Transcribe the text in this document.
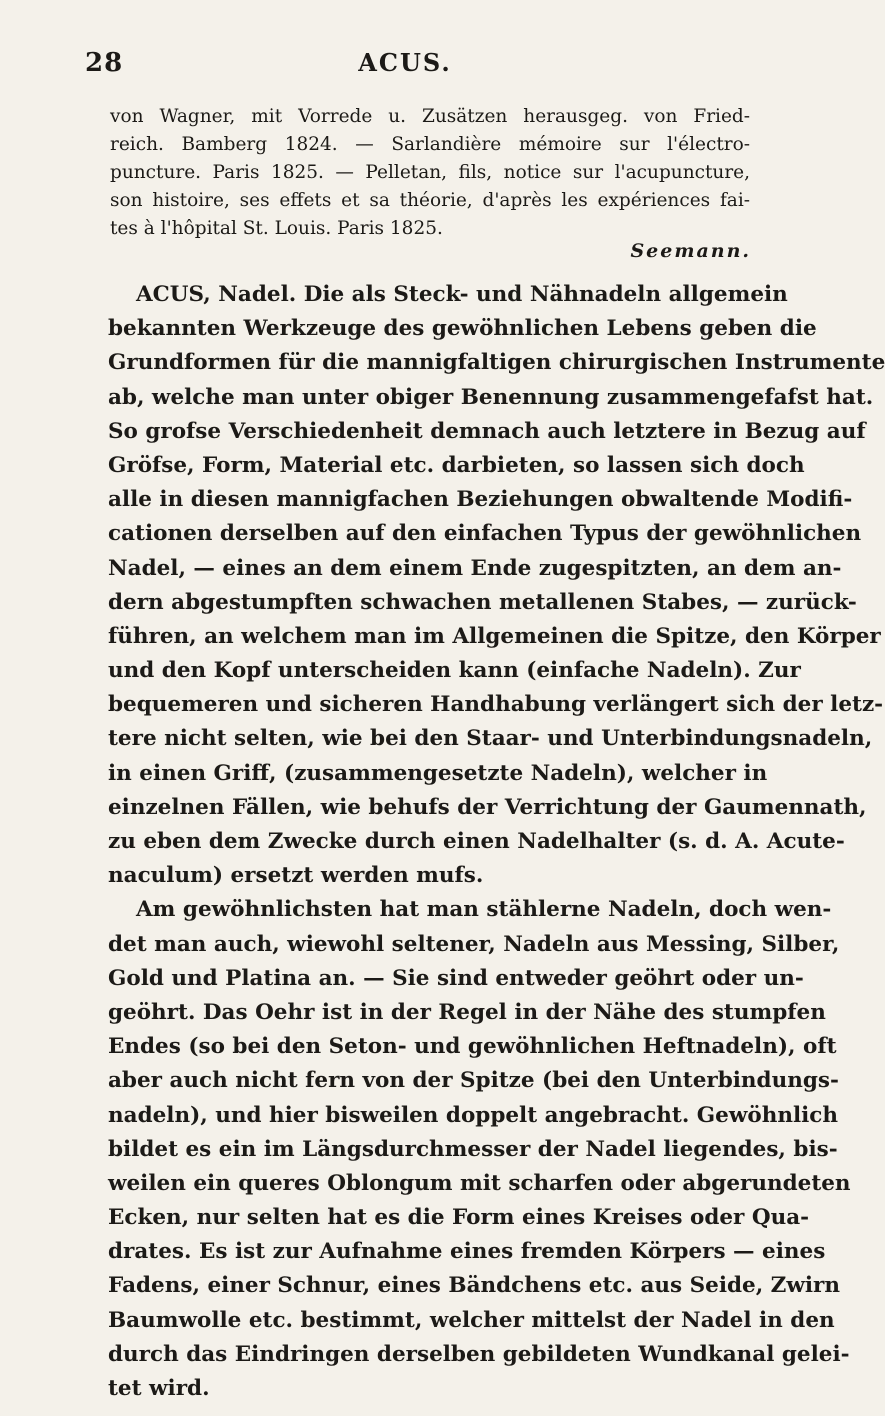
28	ACUS.
von Wagner, mit Vorrede u. Zusätzen herausgeg. von Fried-
reich. Bamberg 1824. — Sarlandière mémoire sur l'électro-
puncture. Paris 1825. — Pelletan, fils, notice sur l'acupuncture,
son histoire, ses effets et sa théorie, d'après les expériences fai-
tes à l'hôpital St. Louis. Paris 1825.
Seemann.
ACUS, Nadel. Die als Steck- und Nähnadeln allgemein
bekannten Werkzeuge des gewöhnlichen Lebens geben die
Grundformen für die mannigfaltigen chirurgischen Instrumente
ab, welche man unter obiger Benennung zusammengefafst hat.
So grofse Verschiedenheit demnach auch letztere in Bezug auf
Gröfse, Form, Material etc. darbieten, so lassen sich doch
alle in diesen mannigfachen Beziehungen obwaltende Modifi-
cationen derselben auf den einfachen Typus der gewöhnlichen
Nadel, — eines an dem einem Ende zugespitzten, an dem an-
dern abgestumpften schwachen metallenen Stabes, — zurück-
führen, an welchem man im Allgemeinen die Spitze, den Körper
und den Kopf unterscheiden kann (einfache Nadeln). Zur
bequemeren und sicheren Handhabung verlängert sich der letz-
tere nicht selten, wie bei den Staar- und Unterbindungsnadeln,
in einen Griff, (zusammengesetzte Nadeln), welcher in
einzelnen Fällen, wie behufs der Verrichtung der Gaumennath,
zu eben dem Zwecke durch einen Nadelhalter (s. d. A. Acute-
naculum) ersetzt werden mufs.
Am gewöhnlichsten hat man stählerne Nadeln, doch wen-
det man auch, wiewohl seltener, Nadeln aus Messing, Silber,
Gold und Platina an. — Sie sind entweder geöhrt oder un-
geöhrt. Das Oehr ist in der Regel in der Nähe des stumpfen
Endes (so bei den Seton- und gewöhnlichen Heftnadeln), oft
aber auch nicht fern von der Spitze (bei den Unterbindungs-
nadeln), und hier bisweilen doppelt angebracht. Gewöhnlich
bildet es ein im Längsdurchmesser der Nadel liegendes, bis-
weilen ein queres Oblongum mit scharfen oder abgerundeten
Ecken, nur selten hat es die Form eines Kreises oder Qua-
drates. Es ist zur Aufnahme eines fremden Körpers — eines
Fadens, einer Schnur, eines Bändchens etc. aus Seide, Zwirn
Baumwolle etc. bestimmt, welcher mittelst der Nadel in den
durch das Eindringen derselben gebildeten Wundkanal gelei-
tet wird.
